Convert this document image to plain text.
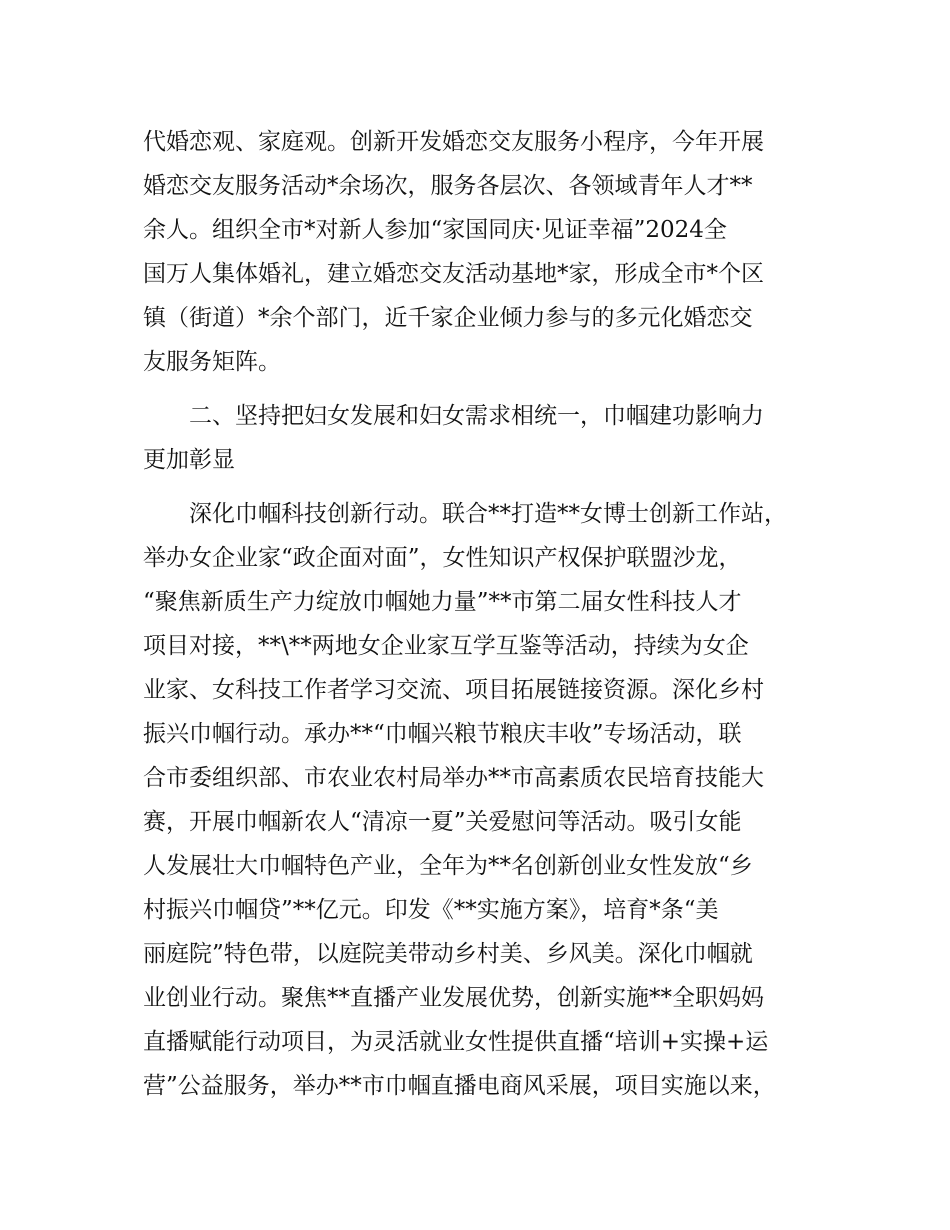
代婚恋观、家庭观。创新开发婚恋交友服务小程序，今年开展
婚恋交友服务活动*余场次，服务各层次、各领域青年人才**
余人。组织全市*对新人参加“家国同庆·见证幸福”2024全
国万人集体婚礼，建立婚恋交友活动基地*家，形成全市*个区
镇（街道）*余个部门，近千家企业倾力参与的多元化婚恋交
友服务矩阵。
二、坚持把妇女发展和妇女需求相统一，巾帼建功影响力
更加彰显
深化巾帼科技创新行动。联合**打造**女博士创新工作站，
举办女企业家“政企面对面”，女性知识产权保护联盟沙龙，
“聚焦新质生产力绽放巾帼她力量”**市第二届女性科技人才
项目对接，**\**两地女企业家互学互鉴等活动，持续为女企
业家、女科技工作者学习交流、项目拓展链接资源。深化乡村
振兴巾帼行动。承办**“巾帼兴粮节粮庆丰收”专场活动，联
合市委组织部、市农业农村局举办**市高素质农民培育技能大
赛，开展巾帼新农人“清凉一夏”关爱慰问等活动。吸引女能
人发展壮大巾帼特色产业，全年为**名创新创业女性发放“乡
村振兴巾帼贷”**亿元。印发《**实施方案》，培育*条“美
丽庭院”特色带，以庭院美带动乡村美、乡风美。深化巾帼就
业创业行动。聚焦**直播产业发展优势，创新实施**全职妈妈
直播赋能行动项目，为灵活就业女性提供直播“培训+实操+运
营”公益服务，举办**市巾帼直播电商风采展，项目实施以来，
